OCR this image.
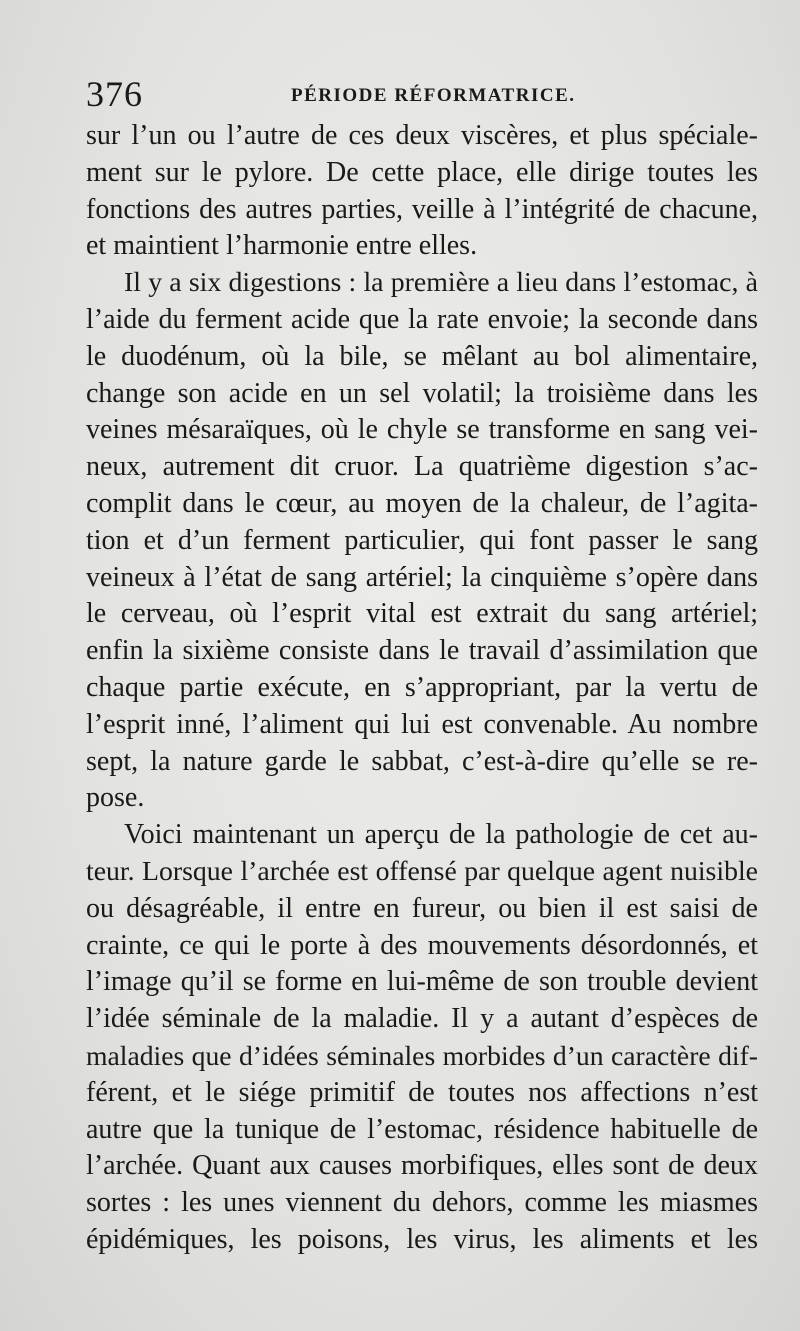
376	PÉRIODE RÉFORMATRICE.
sur l’un ou l’autre de ces deux viscères, et plus spéciale-
ment sur le pylore. De cette place, elle dirige toutes les
fonctions des autres parties, veille à l’intégrité de chacune,
et maintient l’harmonie entre elles.
Il y a six digestions : la première a lieu dans l’estomac, à
l’aide du ferment acide que la rate envoie; la seconde dans
le duodénum, où la bile, se mêlant au bol alimentaire,
change son acide en un sel volatil; la troisième dans les
veines mésaraïques, où le chyle se transforme en sang vei-
neux, autrement dit cruor. La quatrième digestion s’ac-
complit dans le cœur, au moyen de la chaleur, de l’agita-
tion et d’un ferment particulier, qui font passer le sang
veineux à l’état de sang artériel; la cinquième s’opère dans
le cerveau, où l’esprit vital est extrait du sang artériel;
enfin la sixième consiste dans le travail d’assimilation que
chaque partie exécute, en s’appropriant, par la vertu de
l’esprit inné, l’aliment qui lui est convenable. Au nombre
sept, la nature garde le sabbat, c’est-à-dire qu’elle se re-
pose.
Voici maintenant un aperçu de la pathologie de cet au-
teur. Lorsque l’archée est offensé par quelque agent nuisible
ou désagréable, il entre en fureur, ou bien il est saisi de
crainte, ce qui le porte à des mouvements désordonnés, et
l’image qu’il se forme en lui-même de son trouble devient
l’idée séminale de la maladie. Il y a autant d’espèces de
maladies que d’idées séminales morbides d’un caractère dif-
férent, et le siége primitif de toutes nos affections n’est
autre que la tunique de l’estomac, résidence habituelle de
l’archée. Quant aux causes morbifiques, elles sont de deux
sortes : les unes viennent du dehors, comme les miasmes
épidémiques, les poisons, les virus, les aliments et les
